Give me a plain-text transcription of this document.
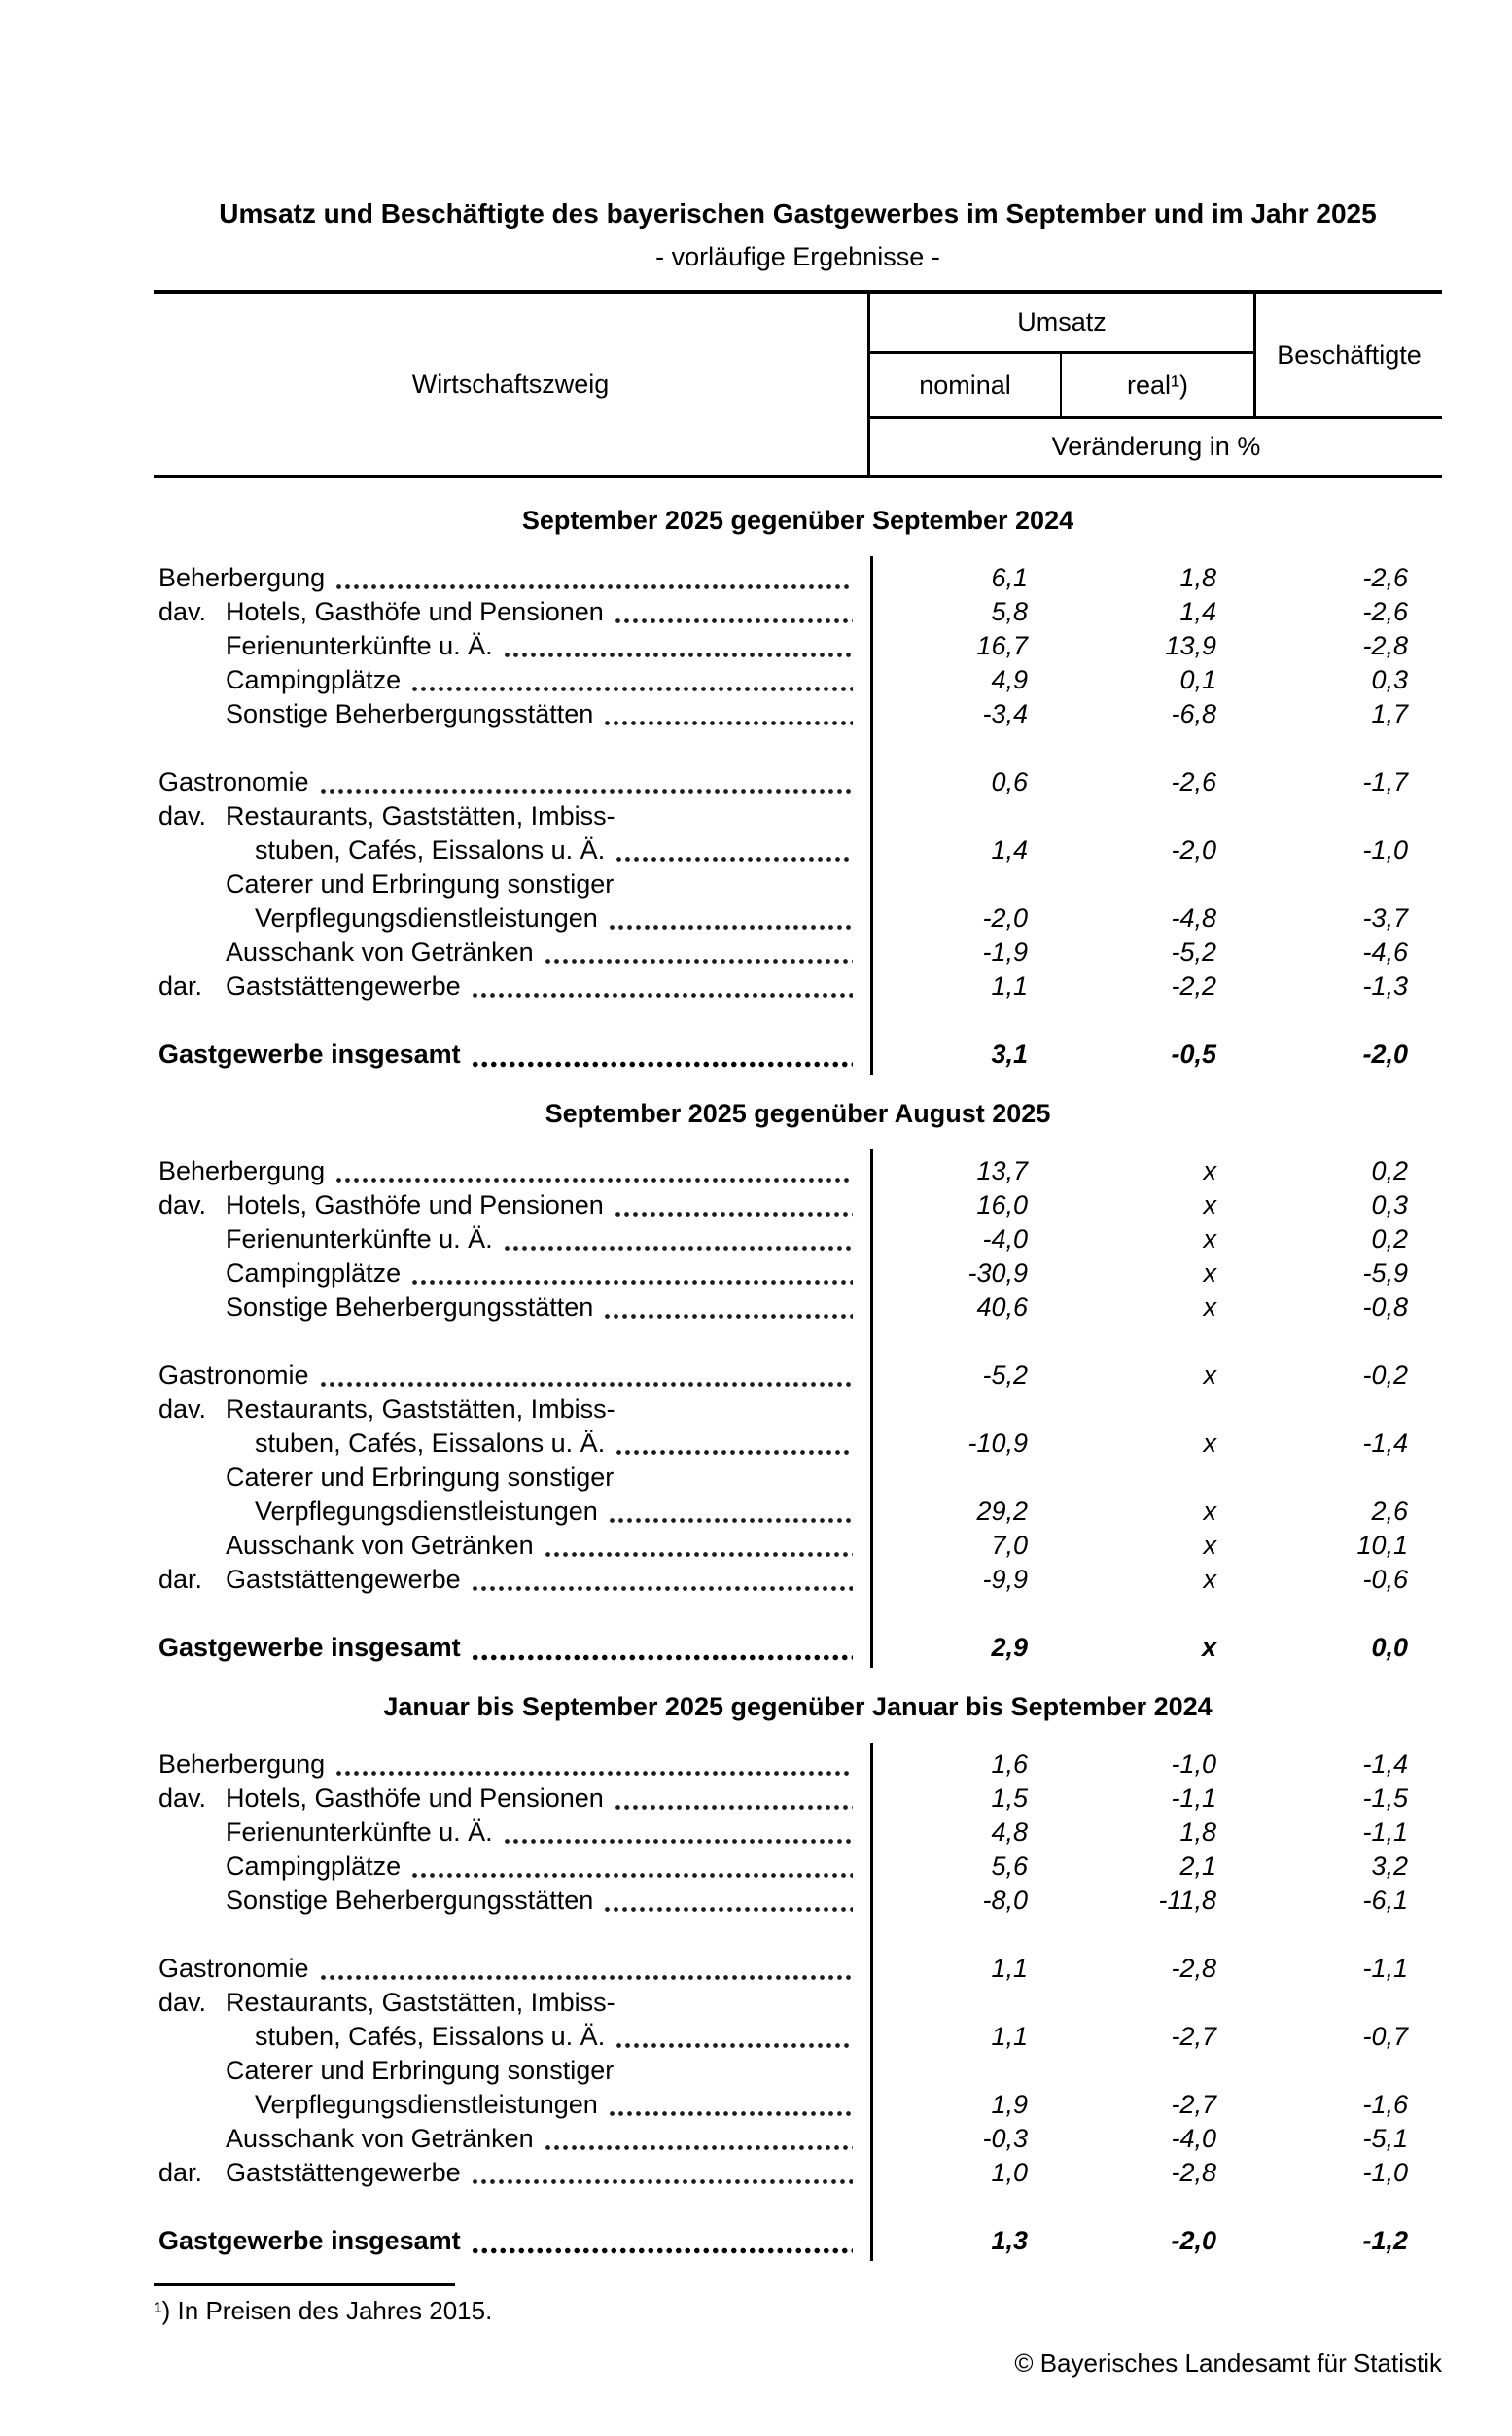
Umsatz und Beschäftigte des bayerischen Gastgewerbes im September und im Jahr 2025
- vorläufige Ergebnisse -
Wirtschaftszweig
Umsatz
nominal	real¹)
Beschäftigte
Veränderung in %
September 2025 gegenüber September 2024
Beherbergung	6,1	1,8	-2,6
dav. Hotels, Gasthöfe und Pensionen	5,8	1,4	-2,6
Ferienunterkünfte u. Ä.	16,7	13,9	-2,8
Campingplätze	4,9	0,1	0,3
Sonstige Beherbergungsstätten	-3,4	-6,8	1,7
Gastronomie	0,6	-2,6	-1,7
dav. Restaurants, Gaststätten, Imbiss-
stuben, Cafés, Eissalons u. Ä.	1,4	-2,0	-1,0
Caterer und Erbringung sonstiger
Verpflegungsdienstleistungen	-2,0	-4,8	-3,7
Ausschank von Getränken	-1,9	-5,2	-4,6
dar. Gaststättengewerbe	1,1	-2,2	-1,3
Gastgewerbe insgesamt	3,1	-0,5	-2,0
September 2025 gegenüber August 2025
Beherbergung	13,7	x	0,2
dav. Hotels, Gasthöfe und Pensionen	16,0	x	0,3
Ferienunterkünfte u. Ä.	-4,0	x	0,2
Campingplätze	-30,9	x	-5,9
Sonstige Beherbergungsstätten	40,6	x	-0,8
Gastronomie	-5,2	x	-0,2
dav. Restaurants, Gaststätten, Imbiss-
stuben, Cafés, Eissalons u. Ä.	-10,9	x	-1,4
Caterer und Erbringung sonstiger
Verpflegungsdienstleistungen	29,2	x	2,6
Ausschank von Getränken	7,0	x	10,1
dar. Gaststättengewerbe	-9,9	x	-0,6
Gastgewerbe insgesamt	2,9	x	0,0
Januar bis September 2025 gegenüber Januar bis September 2024
Beherbergung	1,6	-1,0	-1,4
dav. Hotels, Gasthöfe und Pensionen	1,5	-1,1	-1,5
Ferienunterkünfte u. Ä.	4,8	1,8	-1,1
Campingplätze	5,6	2,1	3,2
Sonstige Beherbergungsstätten	-8,0	-11,8	-6,1
Gastronomie	1,1	-2,8	-1,1
dav. Restaurants, Gaststätten, Imbiss-
stuben, Cafés, Eissalons u. Ä.	1,1	-2,7	-0,7
Caterer und Erbringung sonstiger
Verpflegungsdienstleistungen	1,9	-2,7	-1,6
Ausschank von Getränken	-0,3	-4,0	-5,1
dar. Gaststättengewerbe	1,0	-2,8	-1,0
Gastgewerbe insgesamt	1,3	-2,0	-1,2
¹) In Preisen des Jahres 2015.
© Bayerisches Landesamt für Statistik
